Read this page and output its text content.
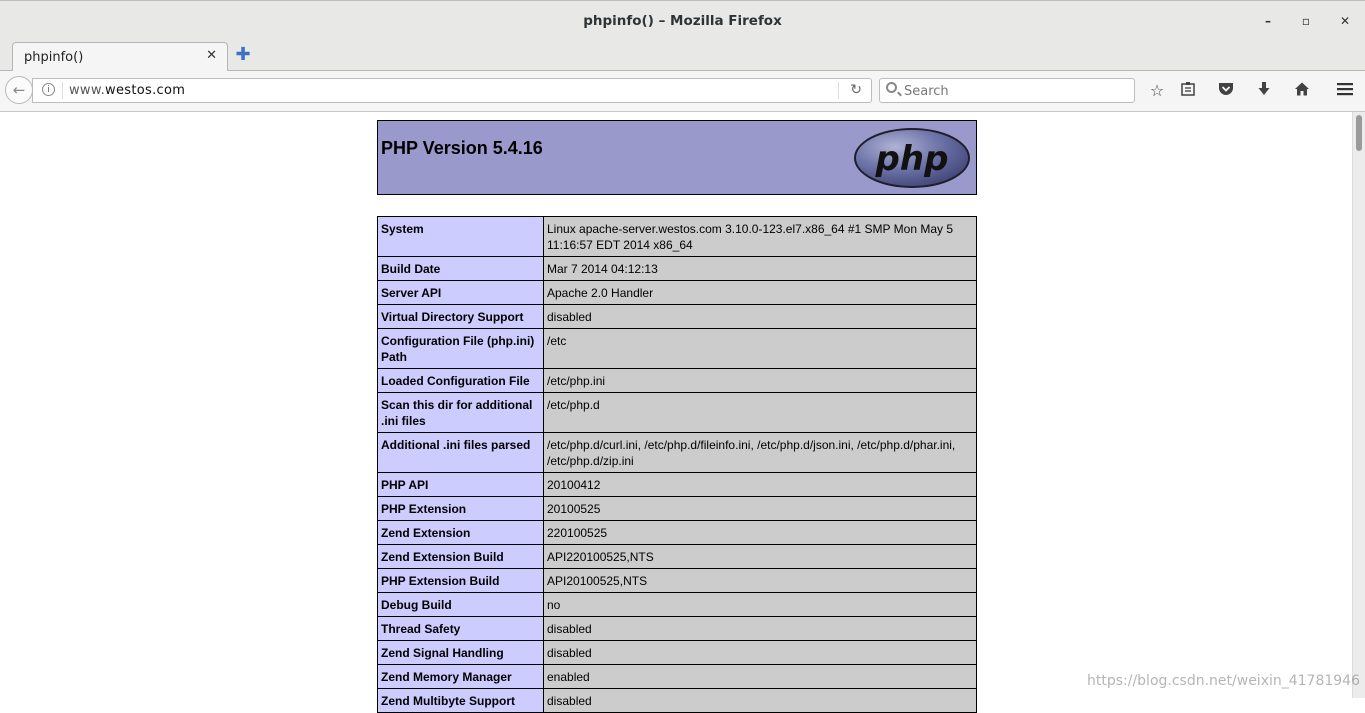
phpinfo() – Mozilla Firefox	–	▫	✕
phpinfo()	✕ ✚
i	www.westos.com	↻
←
Search	☆
PHP Version 5.4.16	php
System	Linux apache-server.westos.com 3.10.0-123.el7.x86_64 #1 SMP Mon May 5 11:16:57 EDT 2014 x86_64
Build Date	Mar 7 2014 04:12:13
Server API	Apache 2.0 Handler
Virtual Directory Support	disabled
Configuration File (php.ini) Path	/etc
Loaded Configuration File	/etc/php.ini
Scan this dir for additional .ini files	/etc/php.d
Additional .ini files parsed	/etc/php.d/curl.ini, /etc/php.d/fileinfo.ini, /etc/php.d/json.ini, /etc/php.d/phar.ini, /etc/php.d/zip.ini
PHP API	20100412
PHP Extension	20100525
Zend Extension	220100525
Zend Extension Build	API220100525,NTS
PHP Extension Build	API20100525,NTS
Debug Build	no
Thread Safety	disabled
Zend Signal Handling	disabled
Zend Memory Manager	enabled
Zend Multibyte Support	disabled
https://blog.csdn.net/weixin_41781946
